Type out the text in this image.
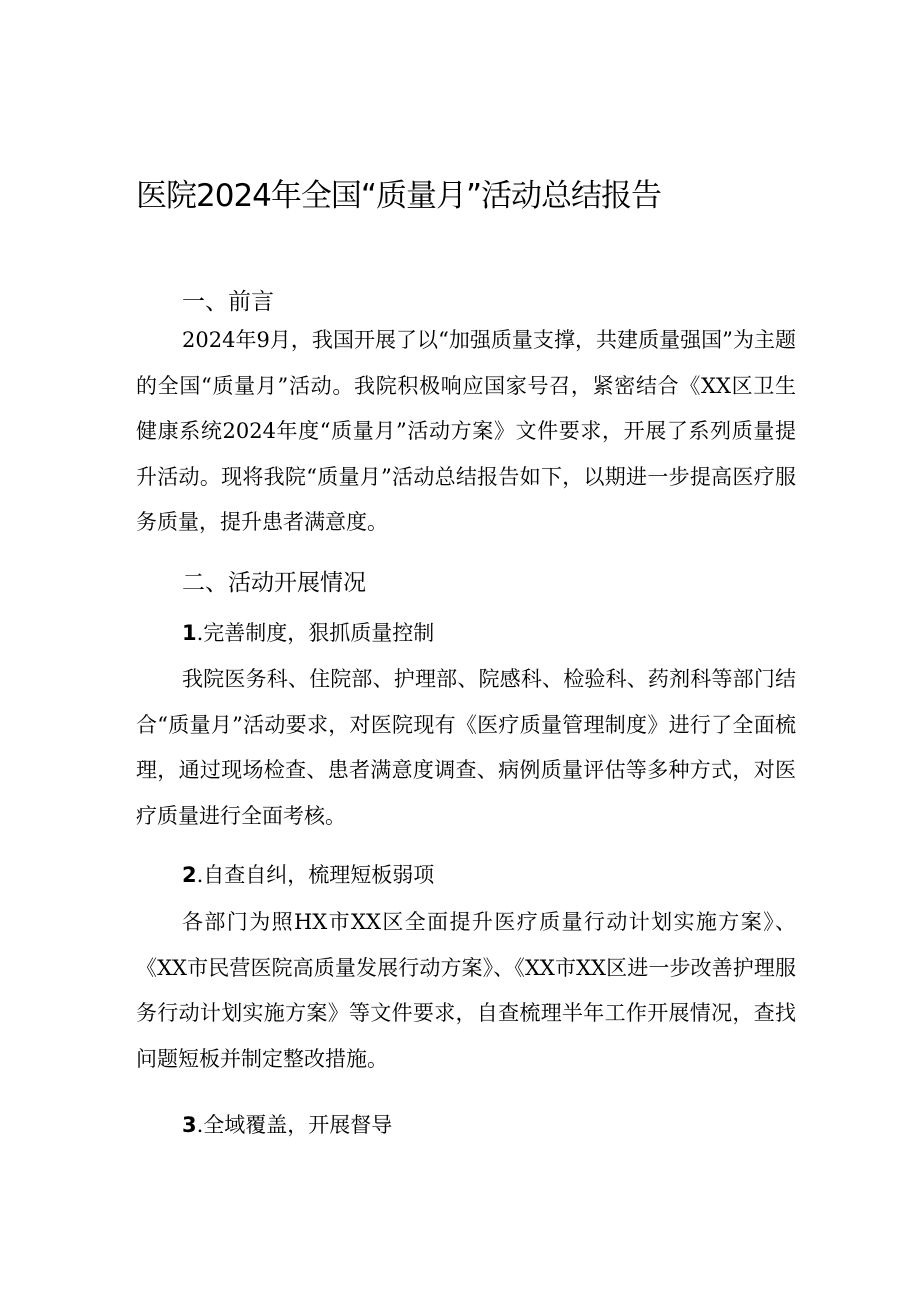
医院2024年全国“质量月”活动总结报告
一、前言
2024年9月，我国开展了以“加强质量支撑，共建质量强国”为主题的全国“质量月”活动。我院积极响应国家号召，紧密结合《XX区卫生健康系统2024年度“质量月”活动方案》文件要求，开展了系列质量提升活动。现将我院“质量月”活动总结报告如下，以期进一步提高医疗服务质量，提升患者满意度。
二、活动开展情况
1.完善制度，狠抓质量控制
我院医务科、住院部、护理部、院感科、检验科、药剂科等部门结合“质量月”活动要求，对医院现有《医疗质量管理制度》进行了全面梳理，通过现场检查、患者满意度调查、病例质量评估等多种方式，对医疗质量进行全面考核。
2.自查自纠，梳理短板弱项
各部门为照HX市XX区全面提升医疗质量行动计划实施方案》、《XX市民营医院高质量发展行动方案》、《XX市XX区进一步改善护理服务行动计划实施方案》等文件要求，自查梳理半年工作开展情况，查找问题短板并制定整改措施。
3.全域覆盖，开展督导
